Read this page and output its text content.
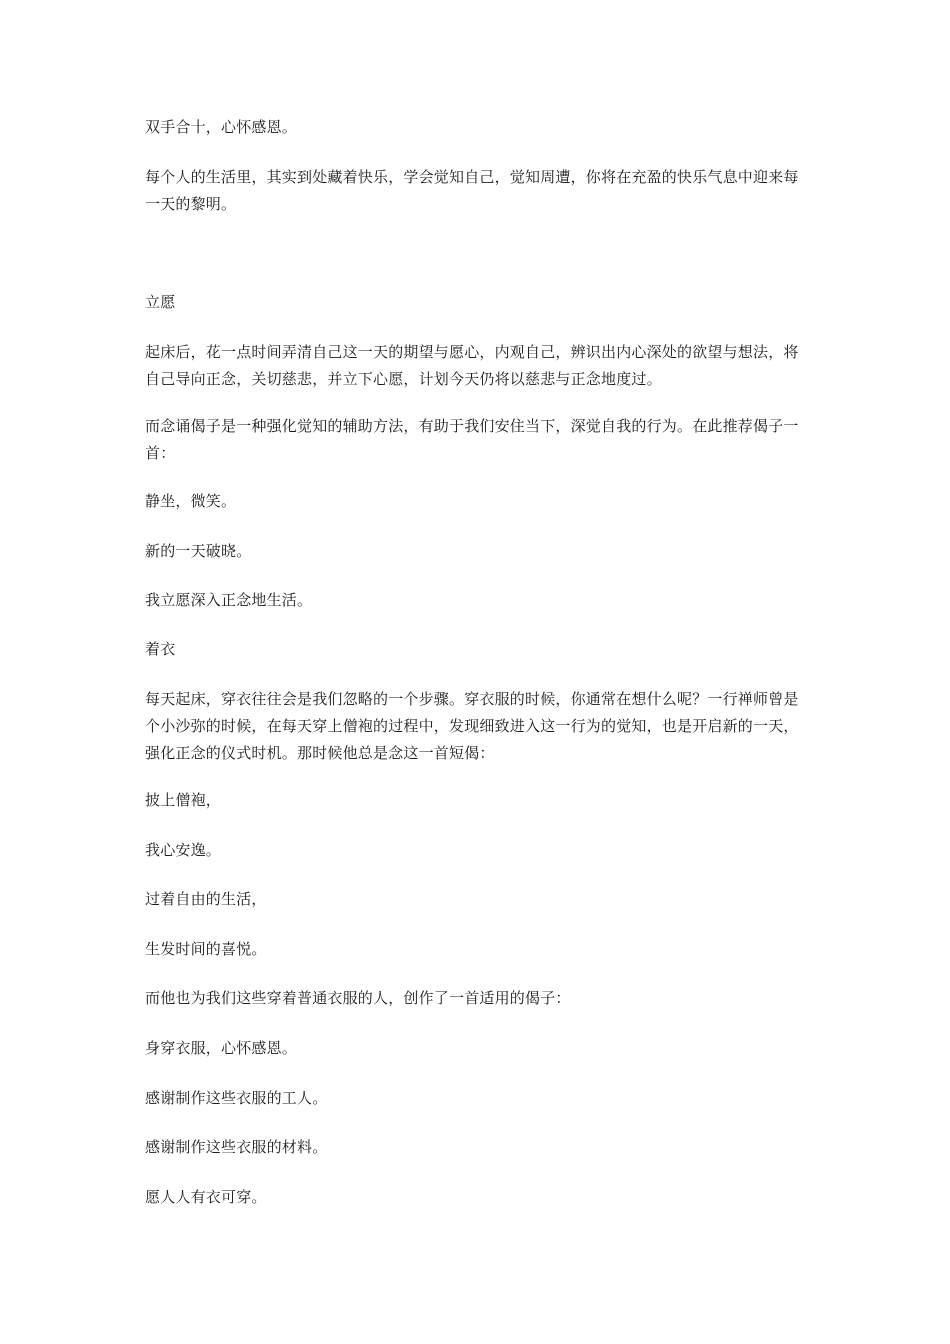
双手合十，心怀感恩。

每个人的生活里，其实到处藏着快乐，学会觉知自己，觉知周遭，你将在充盈的快乐气息中迎来每一天的黎明。

立愿

起床后，花一点时间弄清自己这一天的期望与愿心，内观自己，辨识出内心深处的欲望与想法，将自己导向正念，关切慈悲，并立下心愿，计划今天仍将以慈悲与正念地度过。

而念诵偈子是一种强化觉知的辅助方法，有助于我们安住当下，深觉自我的行为。在此推荐偈子一首：

静坐，微笑。

新的一天破晓。

我立愿深入正念地生活。

着衣

每天起床，穿衣往往会是我们忽略的一个步骤。穿衣服的时候，你通常在想什么呢？一行禅师曾是个小沙弥的时候，在每天穿上僧袍的过程中，发现细致进入这一行为的觉知，也是开启新的一天，强化正念的仪式时机。那时候他总是念这一首短偈：

披上僧袍，

我心安逸。

过着自由的生活，

生发时间的喜悦。

而他也为我们这些穿着普通衣服的人，创作了一首适用的偈子：

身穿衣服，心怀感恩。

感谢制作这些衣服的工人。

感谢制作这些衣服的材料。

愿人人有衣可穿。
